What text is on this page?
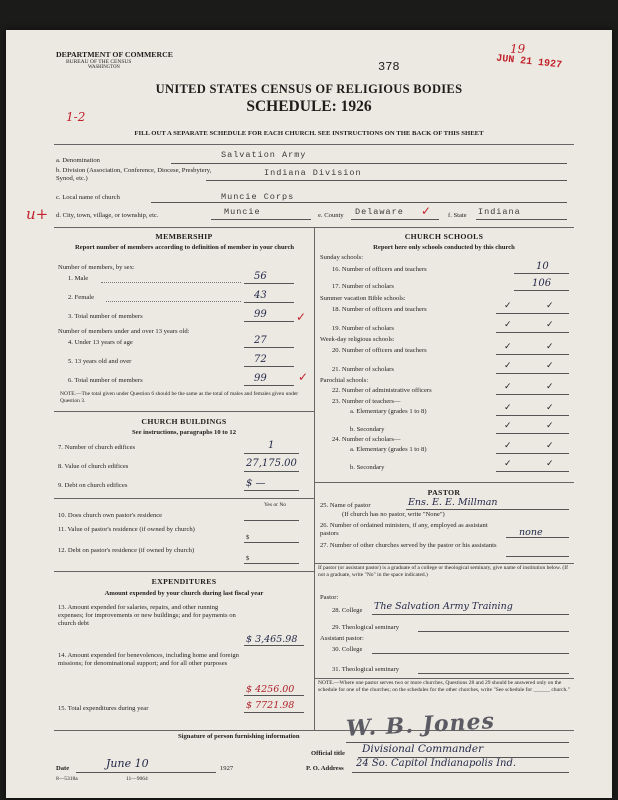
DEPARTMENT OF COMMERCE
BUREAU OF THE CENSUS
WASHINGTON	378
19
JUN 21 1927
UNITED STATES CENSUS OF RELIGIOUS BODIES
SCHEDULE: 1926
1-2
FILL OUT A SEPARATE SCHEDULE FOR EACH CHURCH. SEE INSTRUCTIONS ON THE BACK OF THIS SHEET
a. Denomination
Salvation Army
b. Division (Association, Conference, Diocese, Presbytery, Synod, etc.)
Indiana Division
c. Local name of church	Muncie Corps
u+ d. City, town, village, or township, etc.	Muncie	e. County Delaware ✓	f. State Indiana
MEMBERSHIP
Report number of members according to definition of member in your church
Number of members, by sex:
1. Male	56
2. Female	43
3. Total number of members	99 ✓
Number of members under and over 13 years old:
4. Under 13 years of age	27
5. 13 years old and over	72
6. Total number of members	99	✓
NOTE.—The total given under Question 6 should be the same as the total of males and females given under Question 3.
CHURCH BUILDINGS
See instructions, paragraphs 10 to 12
7. Number of church edifices	1
8. Value of church edifices	27,175.00
9. Debt on church edifices	$ —
Yes or No
10. Does church own pastor's residence
11. Value of pastor's residence (if owned by church)
$
12. Debt on pastor's residence (if owned by church)
$
EXPENDITURES
Amount expended by your church during last fiscal year
13. Amount expended for salaries, repairs, and other running expenses; for improvements or new buildings; and for payments on church debt
$ 3,465.98
14. Amount expended for benevolences, including home and foreign missions; for denominational support; and for all other purposes
$ 4256.00
15. Total expenditures during year	$ 7721.98
CHURCH SCHOOLS
Report here only schools conducted by this church
Sunday schools:
16. Number of officers and teachers	10
17. Number of scholars	106
Summer vacation Bible schools:
18. Number of officers and teachers	✓	✓
19. Number of scholars	✓	✓
Week-day religious schools:
20. Number of officers and teachers	✓	✓
21. Number of scholars	✓	✓
Parochial schools:
22. Number of administrative officers	✓	✓
23. Number of teachers—
a. Elementary (grades 1 to 8)	✓	✓
b. Secondary	✓	✓
24. Number of scholars—
a. Elementary (grades 1 to 8)	✓	✓
b. Secondary	✓	✓
PASTOR
25. Name of pastor	Ens. E. E. Millman
(If church has no pastor, write "None")
26. Number of ordained ministers, if any, employed as assistant pastors	none
27. Number of other churches served by the pastor or his assistants
If pastor (or assistant pastor) is a graduate of a college or theological seminary, give name of institution below. (If not a graduate, write "No" in the space indicated.)
Pastor:
28. College The Salvation Army Training
29. Theological seminary
Assistant pastor:
30. College
31. Theological seminary
NOTE.—Where one pastor serves two or more churches, Questions 28 and 29 should be answered only on the schedule for one of the churches; on the schedules for the other churches, write "See schedule for ______ church."
Signature of person furnishing information W. B. Jones
Official title Divisional Commander
Date	June 10	1927	P. O. Address 24 So. Capitol Indianapolis Ind.
8—5318a	11—9064
